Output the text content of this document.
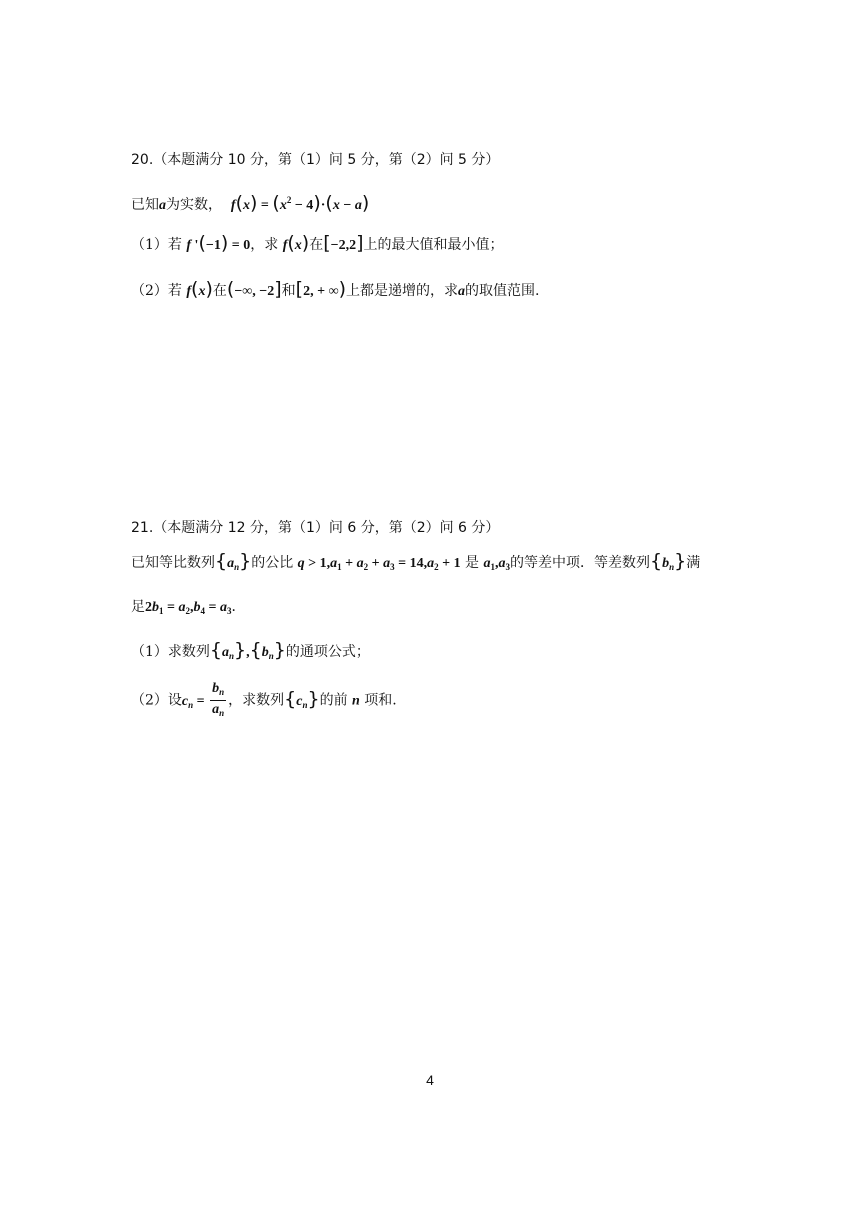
20.（本题满分 10 分，第（1）问 5 分，第（2）问 5 分）
已知a为实数， $f(x) = (x^2 - 4)\cdot(x - a)$
（1）若 f '(−1) = 0，求 f(x)在[−2,2]上的最大值和最小值；
（2）若 f(x)在(−∞, −2]和[2, + ∞)上都是递增的，求a的取值范围.
21.（本题满分 12 分，第（1）问 6 分，第（2）问 6 分）
已知等比数列$\{a_n\}$的公比 $q > 1,a_1 + a_2 + a_3 = 14,a_2 + 1$ 是 $a_1,a_3$的等差中项．等差数列$\{b_n\}$满
足$2b_1 = a_2,b_4 = a_3$．
（1）求数列$\{a_n\},\{b_n\}$的通项公式；
（2）设$c_n = \frac{b_n}{a_n}$ ，求数列$\{c_n\}$的前 n 项和.
4
